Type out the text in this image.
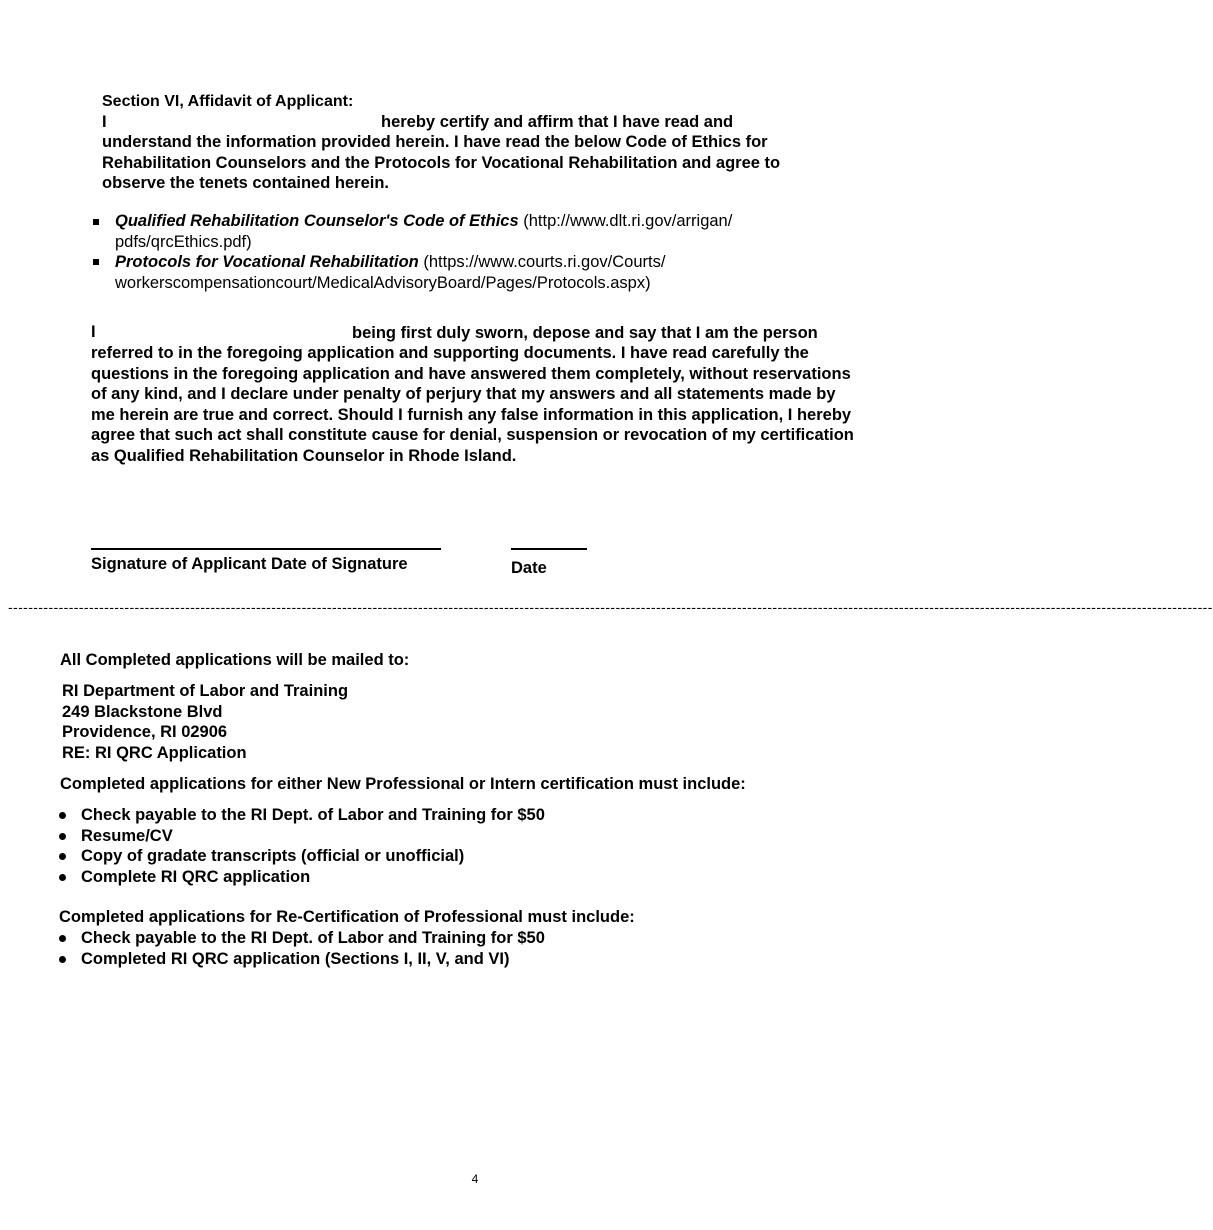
Section VI, Affidavit of Applicant:
I	hereby certify and affirm that I have read and
understand the information provided herein. I have read the below Code of Ethics for Rehabilitation Counselors and the Protocols for Vocational Rehabilitation and agree to observe the tenets contained herein.
Qualified Rehabilitation Counselor's Code of Ethics (http://www.dlt.ri.gov/arrigan/ pdfs/qrcEthics.pdf)
Protocols for Vocational Rehabilitation (https://www.courts.ri.gov/Courts/ workerscompensationcourt/MedicalAdvisoryBoard/Pages/Protocols.aspx)
I	being first duly sworn, depose and say that I am the person
referred to in the foregoing application and supporting documents. I have read carefully the questions in the foregoing application and have answered them completely, without reservations of any kind, and I declare under penalty of perjury that my answers and all statements made by me herein are true and correct. Should I furnish any false information in this application, I hereby agree that such act shall constitute cause for denial, suspension or revocation of my certification as Qualified Rehabilitation Counselor in Rhode Island.
Signature of Applicant Date of Signature	Date
----------------------------------------------------------------------------------------------------------------------------------------------------------------------------------------------------------------------------------------------
All Completed applications will be mailed to:
RI Department of Labor and Training
249 Blackstone Blvd
Providence, RI 02906
RE: RI QRC Application
Completed applications for either New Professional or Intern certification must include:
Check payable to the RI Dept. of Labor and Training for $50
Resume/CV
Copy of gradate transcripts (official or unofficial)
Complete RI QRC application
Completed applications for Re-Certification of Professional must include:
Check payable to the RI Dept. of Labor and Training for $50
Completed RI QRC application (Sections I, II, V, and VI)
4
